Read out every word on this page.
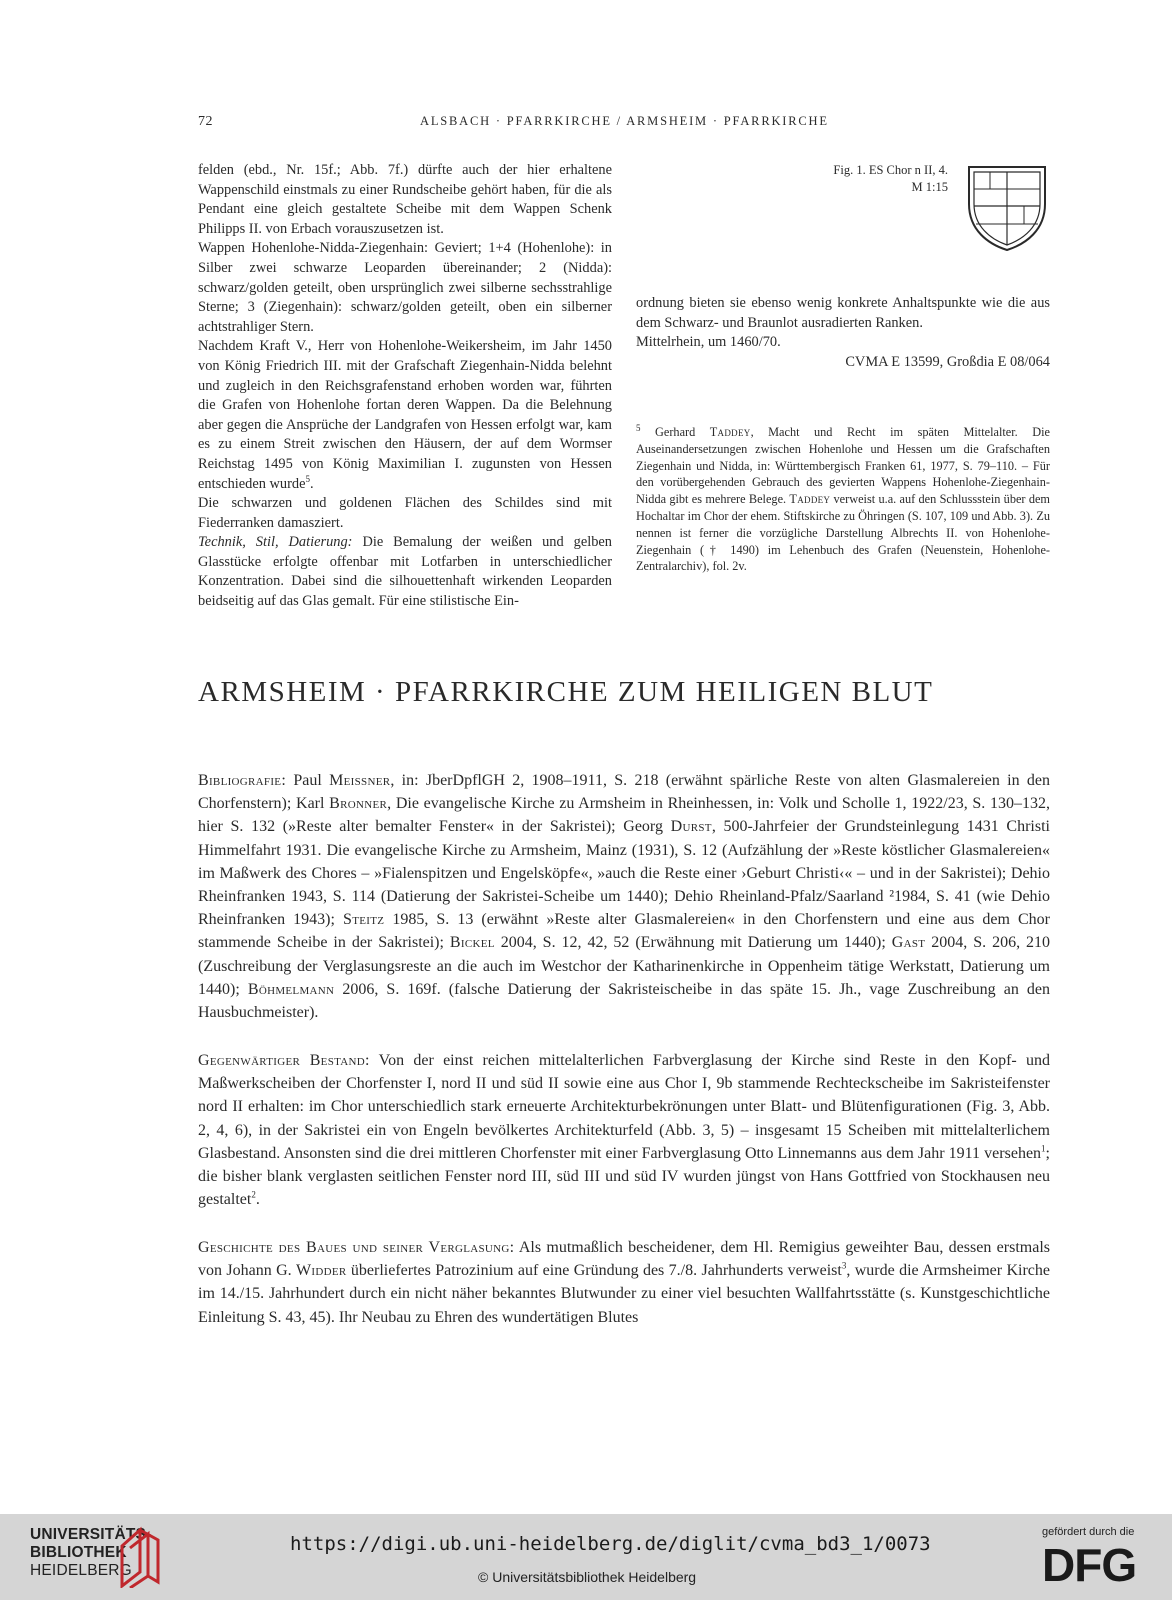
72	ALSBACH · PFARRKIRCHE / ARMSHEIM · PFARRKIRCHE

felden (ebd., Nr. 15f.; Abb. 7f.) dürfte auch der hier erhaltene Wappenschild einstmals zu einer Rundscheibe gehört haben, für die als Pendant eine gleich gestaltete Scheibe mit dem Wappen Schenk Philipps II. von Erbach vorauszusetzen ist.

Wappen Hohenlohe-Nidda-Ziegenhain: Geviert; 1+4 (Hohenlohe): in Silber zwei schwarze Leoparden übereinander; 2 (Nidda): schwarz/golden geteilt, oben ursprünglich zwei silberne sechsstrahlige Sterne; 3 (Ziegenhain): schwarz/golden geteilt, oben ein silberner achtstrahliger Stern.

Nachdem Kraft V., Herr von Hohenlohe-Weikersheim, im Jahr 1450 von König Friedrich III. mit der Grafschaft Ziegenhain-Nidda belehnt und zugleich in den Reichsgrafenstand erhoben worden war, führten die Grafen von Hohenlohe fortan deren Wappen. Da die Belehnung aber gegen die Ansprüche der Landgrafen von Hessen erfolgt war, kam es zu einem Streit zwischen den Häusern, der auf dem Wormser Reichstag 1495 von König Maximilian I. zugunsten von Hessen entschieden wurde$^5$.

Die schwarzen und goldenen Flächen des Schildes sind mit Fiederranken damasziert.

Technik, Stil, Datierung: Die Bemalung der weißen und gelben Glasstücke erfolgte offenbar mit Lotfarben in unterschiedlicher Konzentration. Dabei sind die silhouettenhaft wirkenden Leoparden beidseitig auf das Glas gemalt. Für eine stilistische Ein-

Fig. 1. ES Chor n II, 4.
M 1:15

ordnung bieten sie ebenso wenig konkrete Anhaltspunkte wie die aus dem Schwarz- und Braunlot ausradierten Ranken.

Mittelrhein, um 1460/70.

CVMA E 13599, Großdia E 08/064

$^5$ Gerhard Taddey, Macht und Recht im späten Mittelalter. Die Auseinandersetzungen zwischen Hohenlohe und Hessen um die Grafschaften Ziegenhain und Nidda, in: Württembergisch Franken 61, 1977, S. 79–110. – Für den vorübergehenden Gebrauch des gevierten Wappens Hohenlohe-Ziegenhain-Nidda gibt es mehrere Belege. Taddey verweist u.a. auf den Schlussstein über dem Hochaltar im Chor der ehem. Stiftskirche zu Öhringen (S. 107, 109 und Abb. 3). Zu nennen ist ferner die vorzügliche Darstellung Albrechts II. von Hohenlohe-Ziegenhain († 1490) im Lehenbuch des Grafen (Neuenstein, Hohenlohe-Zentralarchiv), fol. 2v.
ARMSHEIM · PFARRKIRCHE ZUM HEILIGEN BLUT
Bibliografie: Paul Meissner, in: JberDpflGH 2, 1908–1911, S. 218 (erwähnt spärliche Reste von alten Glasmalereien in den Chorfenstern); Karl Bronner, Die evangelische Kirche zu Armsheim in Rheinhessen, in: Volk und Scholle 1, 1922/23, S. 130–132, hier S. 132 (»Reste alter bemalter Fenster« in der Sakristei); Georg Durst, 500-Jahrfeier der Grundsteinlegung 1431 Christi Himmelfahrt 1931. Die evangelische Kirche zu Armsheim, Mainz (1931), S. 12 (Aufzählung der »Reste köstlicher Glasmalereien« im Maßwerk des Chores – »Fialenspitzen und Engelsköpfe«, »auch die Reste einer ›Geburt Christi‹« – und in der Sakristei); Dehio Rheinfranken 1943, S. 114 (Datierung der Sakristei-Scheibe um 1440); Dehio Rheinland-Pfalz/Saarland ²1984, S. 41 (wie Dehio Rheinfranken 1943); Steitz 1985, S. 13 (erwähnt »Reste alter Glasmalereien« in den Chorfenstern und eine aus dem Chor stammende Scheibe in der Sakristei); Bickel 2004, S. 12, 42, 52 (Erwähnung mit Datierung um 1440); Gast 2004, S. 206, 210 (Zuschreibung der Verglasungsreste an die auch im Westchor der Katharinenkirche in Oppenheim tätige Werkstatt, Datierung um 1440); Böhmelmann 2006, S. 169f. (falsche Datierung der Sakristeischeibe in das späte 15. Jh., vage Zuschreibung an den Hausbuchmeister).
Gegenwärtiger Bestand: Von der einst reichen mittelalterlichen Farbverglasung der Kirche sind Reste in den Kopf- und Maßwerkscheiben der Chorfenster I, nord II und süd II sowie eine aus Chor I, 9b stammende Rechteckscheibe im Sakristeifenster nord II erhalten: im Chor unterschiedlich stark erneuerte Architekturbekrönungen unter Blatt- und Blütenfigurationen (Fig. 3, Abb. 2, 4, 6), in der Sakristei ein von Engeln bevölkertes Architekturfeld (Abb. 3, 5) – insgesamt 15 Scheiben mit mittelalterlichem Glasbestand. Ansonsten sind die drei mittleren Chorfenster mit einer Farbverglasung Otto Linnemanns aus dem Jahr 1911 versehen$^1$; die bisher blank verglasten seitlichen Fenster nord III, süd III und süd IV wurden jüngst von Hans Gottfried von Stockhausen neu gestaltet$^2$.
Geschichte des Baues und seiner Verglasung: Als mutmaßlich bescheidener, dem Hl. Remigius geweihter Bau, dessen erstmals von Johann G. Widder überliefertes Patrozinium auf eine Gründung des 7./8. Jahrhunderts verweist$^3$, wurde die Armsheimer Kirche im 14./15. Jahrhundert durch ein nicht näher bekanntes Blutwunder zu einer viel besuchten Wallfahrtsstätte (s. Kunstgeschichtliche Einleitung S. 43, 45). Ihr Neubau zu Ehren des wundertätigen Blutes
UNIVERSITÄTS-
BIBLIOTHEK
HEIDELBERG
https://digi.ub.uni-heidelberg.de/diglit/cvma_bd3_1/0073
© Universitätsbibliothek Heidelberg
gefördert durch die
DFG
